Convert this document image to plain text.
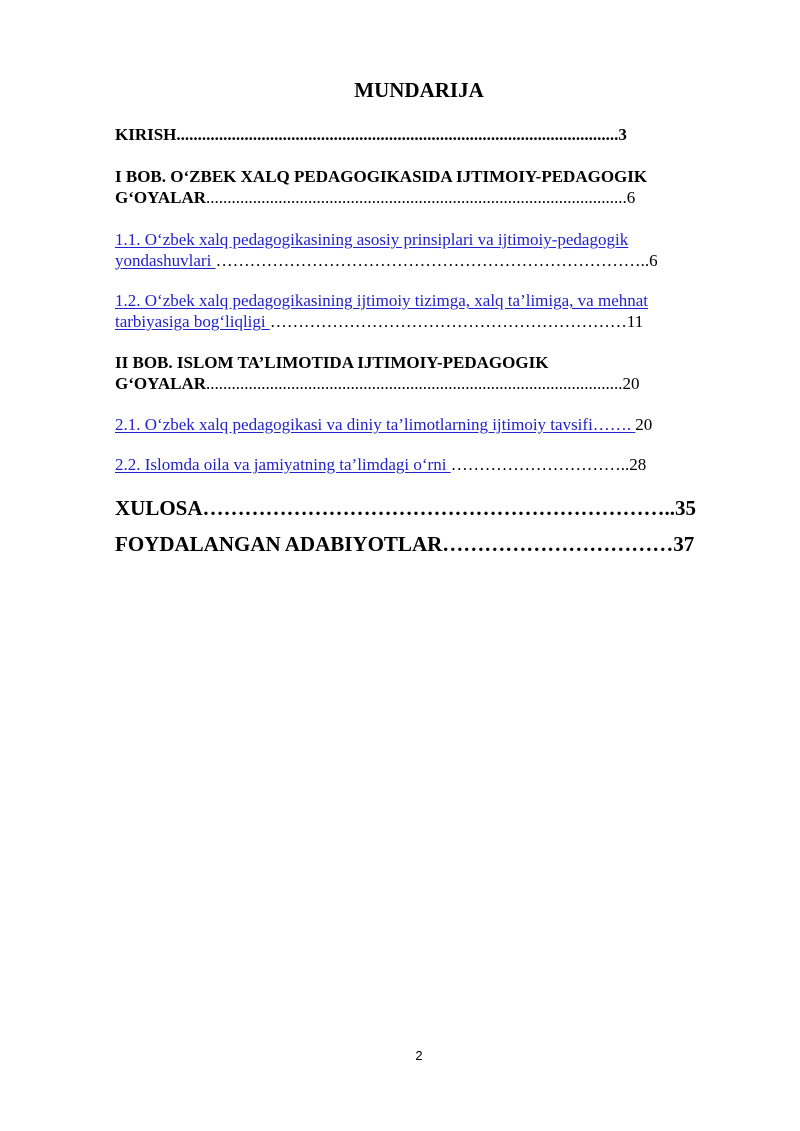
MUNDARIJA
KIRISH........................................................................................................3
I BOB. O‘ZBEK XALQ PEDAGOGIKASIDA IJTIMOIY-PEDAGOGIK
G‘OYALAR...................................................................................................6
1.1. O‘zbek xalq pedagogikasining asosiy prinsiplari va ijtimoiy-pedagogik
yondashuvlari …………………………………………………………………..6
1.2. O‘zbek xalq pedagogikasining ijtimoiy tizimga, xalq ta’limiga, va mehnat
tarbiyasiga bog‘liqligi ………………………………………………………11
II BOB. ISLOM TA’LIMOTIDA IJTIMOIY-PEDAGOGIK
G‘OYALAR..................................................................................................20
2.1. O‘zbek xalq pedagogikasi va diniy ta’limotlarning ijtimoiy tavsifi……. 20
2.2. Islomda oila va jamiyatning ta’limdagi o‘rni …………………………..28
XULOSA…………………………………………………………..35
FOYDALANGAN ADABIYOTLAR……………………………37
2
